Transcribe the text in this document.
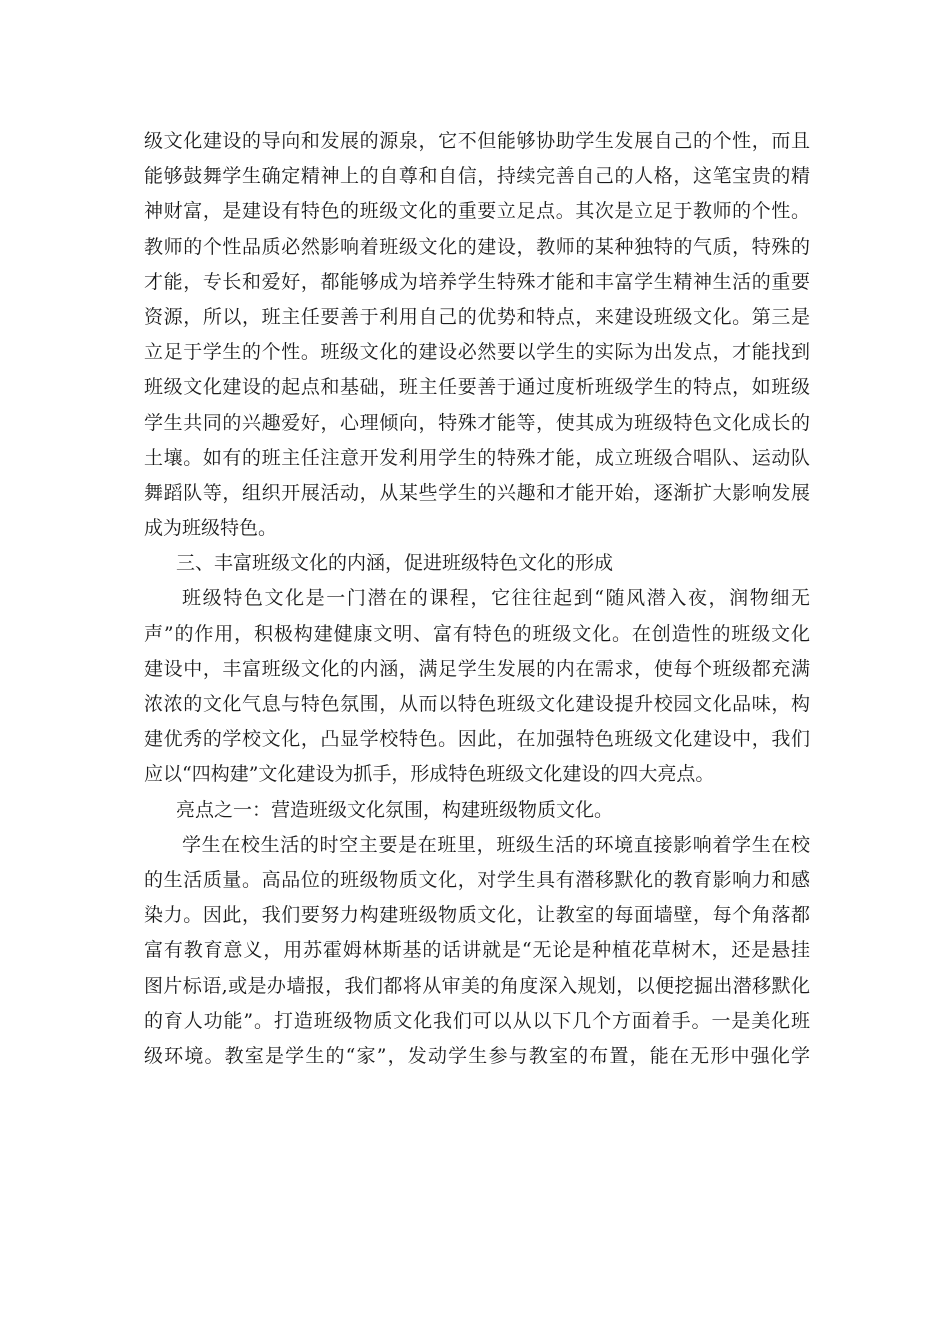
级文化建设的导向和发展的源泉，它不但能够协助学生发展自己的个性，而且
能够鼓舞学生确定精神上的自尊和自信，持续完善自己的人格，这笔宝贵的精
神财富，是建设有特色的班级文化的重要立足点。其次是立足于教师的个性。
教师的个性品质必然影响着班级文化的建设，教师的某种独特的气质，特殊的
才能，专长和爱好，都能够成为培养学生特殊才能和丰富学生精神生活的重要
资源，所以，班主任要善于利用自己的优势和特点，来建设班级文化。第三是
立足于学生的个性。班级文化的建设必然要以学生的实际为出发点，才能找到
班级文化建设的起点和基础，班主任要善于通过度析班级学生的特点，如班级
学生共同的兴趣爱好，心理倾向，特殊才能等，使其成为班级特色文化成长的
土壤。如有的班主任注意开发利用学生的特殊才能，成立班级合唱队、运动队
舞蹈队等，组织开展活动，从某些学生的兴趣和才能开始，逐渐扩大影响发展
成为班级特色。
三、丰富班级文化的内涵，促进班级特色文化的形成
班级特色文化是一门潜在的课程，它往往起到“随风潜入夜，润物细无
声”的作用，积极构建健康文明、富有特色的班级文化。在创造性的班级文化
建设中，丰富班级文化的内涵，满足学生发展的内在需求，使每个班级都充满
浓浓的文化气息与特色氛围，从而以特色班级文化建设提升校园文化品味，构
建优秀的学校文化，凸显学校特色。因此，在加强特色班级文化建设中，我们
应以“四构建”文化建设为抓手，形成特色班级文化建设的四大亮点。
亮点之一：营造班级文化氛围，构建班级物质文化。
学生在校生活的时空主要是在班里，班级生活的环境直接影响着学生在校
的生活质量。高品位的班级物质文化，对学生具有潜移默化的教育影响力和感
染力。因此，我们要努力构建班级物质文化，让教室的每面墙壁，每个角落都
富有教育意义，用苏霍姆林斯基的话讲就是“无论是种植花草树木，还是悬挂
图片标语,或是办墙报，我们都将从审美的角度深入规划，以便挖掘出潜移默化
的育人功能”。打造班级物质文化我们可以从以下几个方面着手。一是美化班
级环境。教室是学生的“家”，发动学生参与教室的布置，能在无形中强化学
